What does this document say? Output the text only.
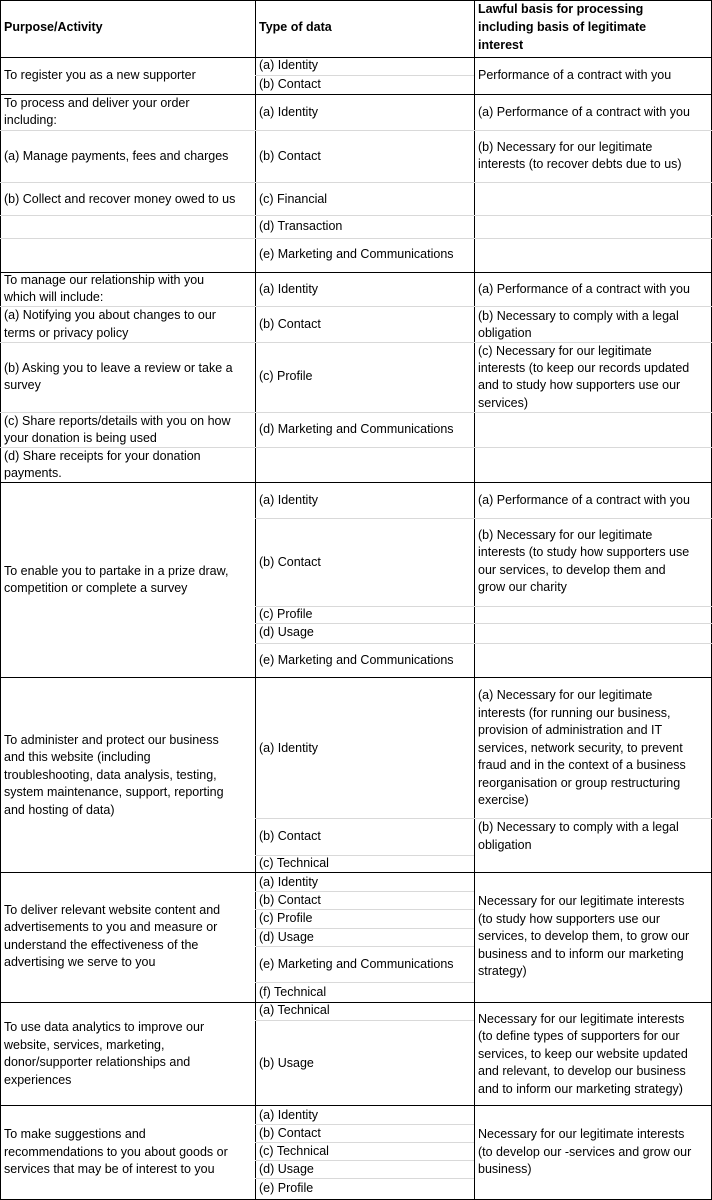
Purpose/Activity	Type of data
Lawful basis for processing
including basis of legitimate
interest
To register you as a new supporter
(a) Identity
(b) Contact
Performance of a contract with you
To process and deliver your order
including:
(a) Manage payments, fees and charges
(b) Collect and recover money owed to us
(a) Identity
(b) Contact
(c) Financial
(d) Transaction
(e) Marketing and Communications
(a) Performance of a contract with you
(b) Necessary for our legitimate
interests (to recover debts due to us)
To manage our relationship with you
which will include:
(a) Notifying you about changes to our
terms or privacy policy
(b) Asking you to leave a review or take a
survey
(c) Share reports/details with you on how
your donation is being used
(d) Share receipts for your donation
payments.
(a) Identity
(b) Contact
(c) Profile
(d) Marketing and Communications
(a) Performance of a contract with you
(b) Necessary to comply with a legal
obligation
(c) Necessary for our legitimate
interests (to keep our records updated
and to study how supporters use our
services)
To enable you to partake in a prize draw,
competition or complete a survey
(a) Identity
(b) Contact
(c) Profile
(d) Usage
(e) Marketing and Communications
(a) Performance of a contract with you
(b) Necessary for our legitimate
interests (to study how supporters use
our services, to develop them and
grow our charity
To administer and protect our business
and this website (including
troubleshooting, data analysis, testing,
system maintenance, support, reporting
and hosting of data)
(a) Identity
(b) Contact
(c) Technical
(a) Necessary for our legitimate
interests (for running our business,
provision of administration and IT
services, network security, to prevent
fraud and in the context of a business
reorganisation or group restructuring
exercise)
(b) Necessary to comply with a legal
obligation
To deliver relevant website content and
advertisements to you and measure or
understand the effectiveness of the
advertising we serve to you
(a) Identity
(b) Contact
(c) Profile
(d) Usage
(e) Marketing and Communications
(f) Technical
Necessary for our legitimate interests
(to study how supporters use our
services, to develop them, to grow our
business and to inform our marketing
strategy)
To use data analytics to improve our
website, services, marketing,
donor/supporter relationships and
experiences
(a) Technical
(b) Usage
Necessary for our legitimate interests
(to define types of supporters for our
services, to keep our website updated
and relevant, to develop our business
and to inform our marketing strategy)
To make suggestions and
recommendations to you about goods or
services that may be of interest to you
(a) Identity
(b) Contact
(c) Technical
(d) Usage
(e) Profile
Necessary for our legitimate interests
(to develop our -services and grow our
business)
